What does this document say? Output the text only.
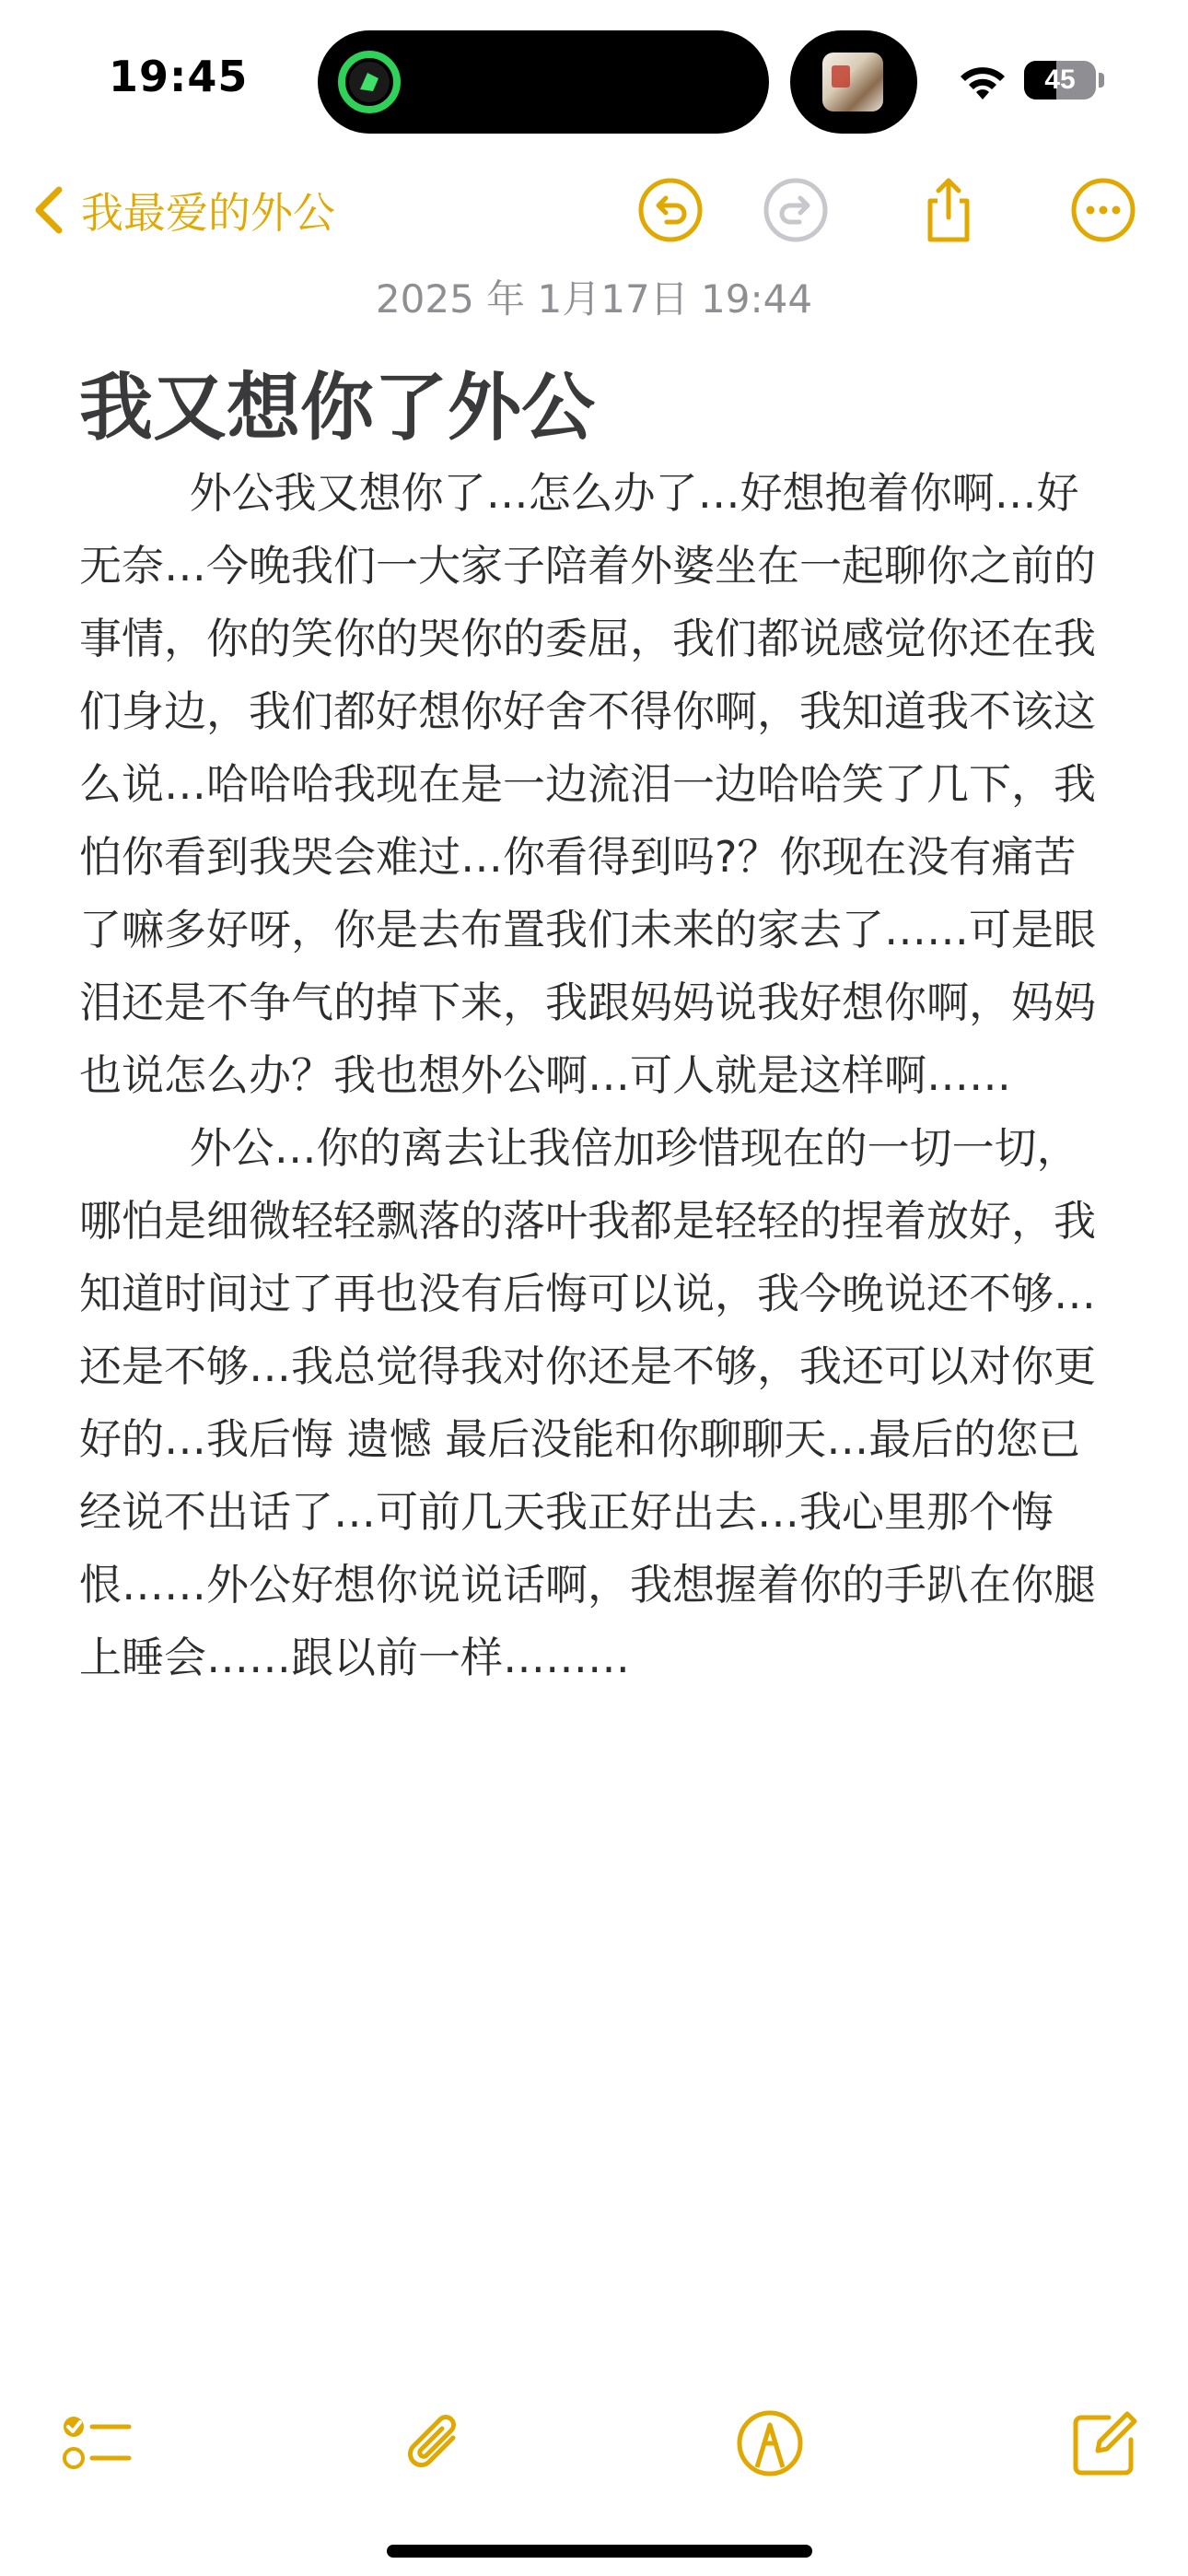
19:45	45
我最爱的外公
2025 年 1月17日 19:44
我又想你了外公

外公我又想你了…怎么办了…好想抱着你啊…好无奈…今晚我们一大家子陪着外婆坐在一起聊你之前的事情，你的笑你的哭你的委屈，我们都说感觉你还在我们身边，我们都好想你好舍不得你啊，我知道我不该这么说…哈哈哈我现在是一边流泪一边哈哈笑了几下，我怕你看到我哭会难过…你看得到吗?？你现在没有痛苦了嘛多好呀，你是去布置我们未来的家去了……可是眼泪还是不争气的掉下来，我跟妈妈说我好想你啊，妈妈也说怎么办？我也想外公啊…可人就是这样啊……

外公…你的离去让我倍加珍惜现在的一切一切，哪怕是细微轻轻飘落的落叶我都是轻轻的捏着放好，我知道时间过了再也没有后悔可以说，我今晚说还不够…还是不够…我总觉得我对你还是不够，我还可以对你更好的…我后悔 遗憾 最后没能和你聊聊天…最后的您已经说不出话了…可前几天我正好出去…我心里那个悔恨……外公好想你说说话啊，我想握着你的手趴在你腿上睡会……跟以前一样………
